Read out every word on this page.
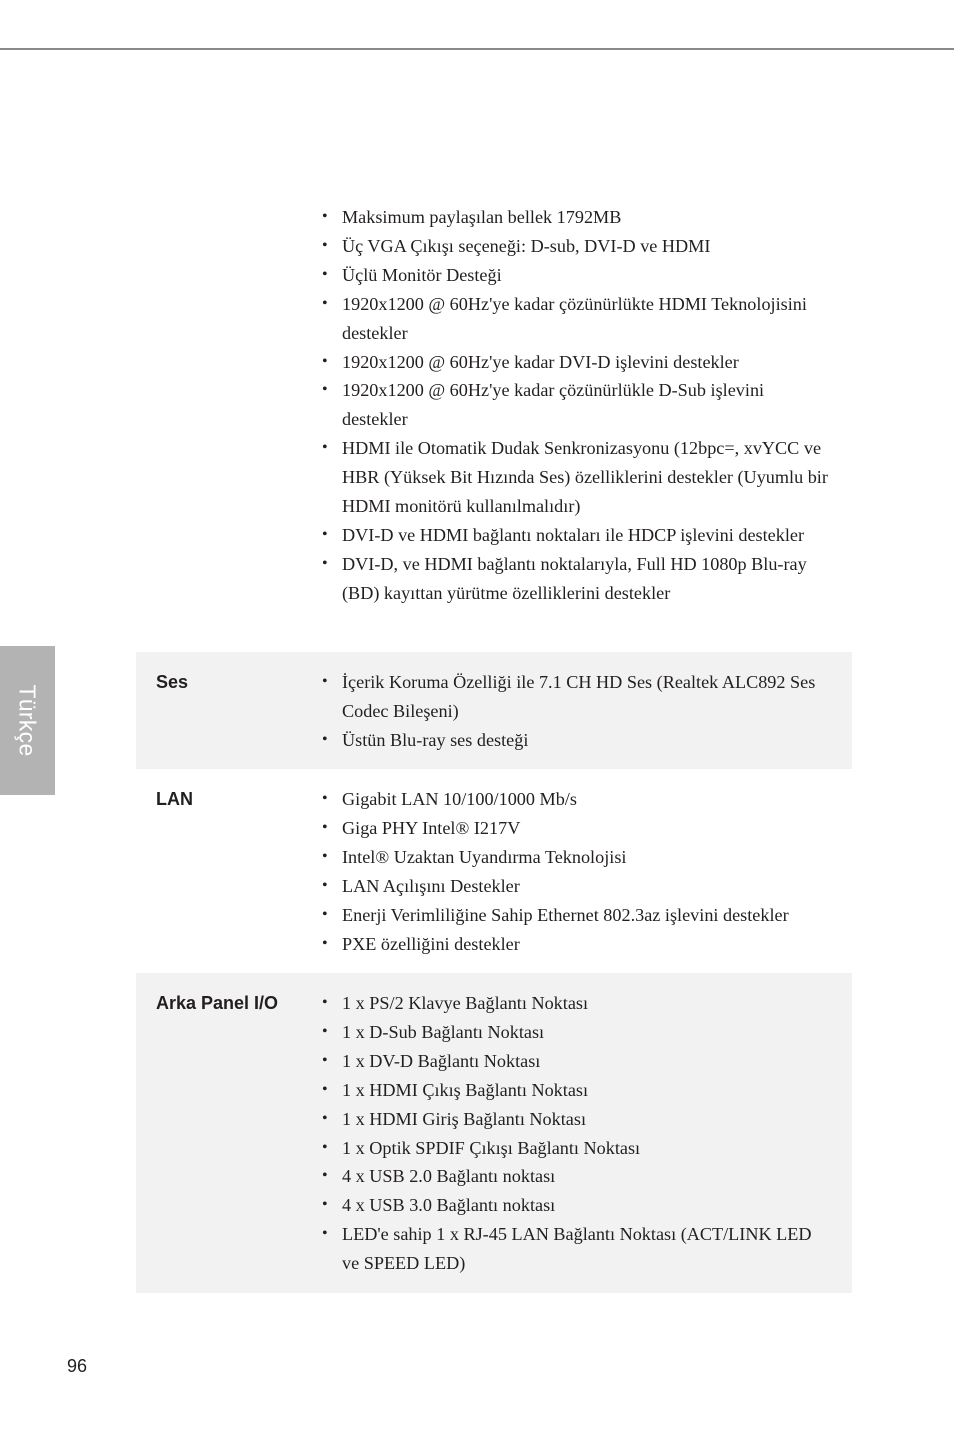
Türkçe
• Maksimum paylaşılan bellek 1792MB
• Üç VGA Çıkışı seçeneği: D-sub, DVI-D ve HDMI
• Üçlü Monitör Desteği
• 1920x1200 @ 60Hz'ye kadar çözünürlükte HDMI Teknolojisini destekler
• 1920x1200 @ 60Hz'ye kadar DVI-D işlevini destekler
• 1920x1200 @ 60Hz'ye kadar çözünürlükle D-Sub işlevini destekler
• HDMI ile Otomatik Dudak Senkronizasyonu (12bpc=, xvYCC ve HBR (Yüksek Bit Hızında Ses) özelliklerini destekler (Uyumlu bir HDMI monitörü kullanılmalıdır)
• DVI-D ve HDMI bağlantı noktaları ile HDCP işlevini destekler
• DVI-D, ve HDMI bağlantı noktalarıyla, Full HD 1080p Blu-ray (BD) kayıttan yürütme özelliklerini destekler
Ses	• İçerik Koruma Özelliği ile 7.1 CH HD Ses (Realtek ALC892 Ses Codec Bileşeni)
• Üstün Blu-ray ses desteği
LAN	• Gigabit LAN 10/100/1000 Mb/s
• Giga PHY Intel® I217V
• Intel® Uzaktan Uyandırma Teknolojisi
• LAN Açılışını Destekler
• Enerji Verimliliğine Sahip Ethernet 802.3az işlevini destekler
• PXE özelliğini destekler
Arka Panel I/O	• 1 x PS/2 Klavye Bağlantı Noktası
• 1 x D-Sub Bağlantı Noktası
• 1 x DV-D Bağlantı Noktası
• 1 x HDMI Çıkış Bağlantı Noktası
• 1 x HDMI Giriş Bağlantı Noktası
• 1 x Optik SPDIF Çıkışı Bağlantı Noktası
• 4 x USB 2.0 Bağlantı noktası
• 4 x USB 3.0 Bağlantı noktası
• LED'e sahip 1 x RJ-45 LAN Bağlantı Noktası (ACT/LINK LED ve SPEED LED)
96
